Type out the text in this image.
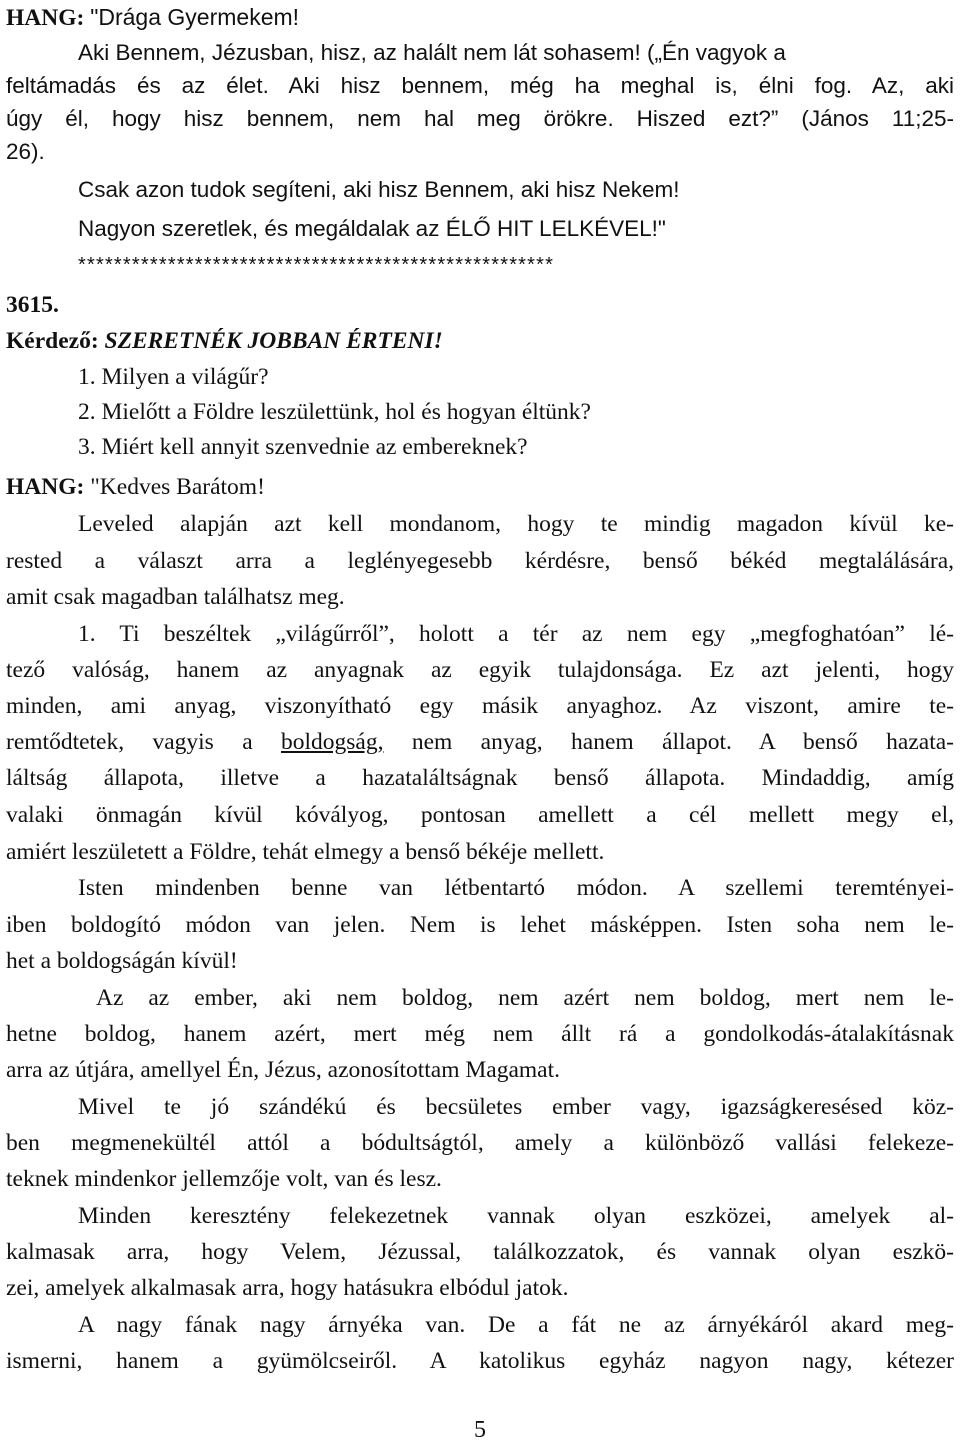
HANG: "Drága Gyermekem!
Aki Bennem, Jézusban, hisz, az halált nem lát sohasem! („Én vagyok a
feltámadás és az élet. Aki hisz bennem, még ha meghal is, élni fog. Az, aki
úgy él, hogy hisz bennem, nem hal meg örökre. Hiszed ezt?” (János 11;25-
26).
Csak azon tudok segíteni, aki hisz Bennem, aki hisz Nekem!
Nagyon szeretlek, és megáldalak az ÉLŐ HIT LELKÉVEL!"
*****************************************************
3615.
Kérdező: SZERETNÉK JOBBAN ÉRTENI!
1. Milyen a világűr?
2. Mielőtt a Földre leszülettünk, hol és hogyan éltünk?
3. Miért kell annyit szenvednie az embereknek?
HANG: "Kedves Barátom!
Leveled alapján azt kell mondanom, hogy te mindig magadon kívül ke-
rested a választ arra a leglényegesebb kérdésre, benső békéd megtalálására,
amit csak magadban találhatsz meg.
1. Ti beszéltek „világűrről”, holott a tér az nem egy „megfoghatóan” lé-
tező valóság, hanem az anyagnak az egyik tulajdonsága. Ez azt jelenti, hogy
minden, ami anyag, viszonyítható egy másik anyaghoz. Az viszont, amire te-
remtődtetek, vagyis a boldogság, nem anyag, hanem állapot. A benső hazata-
láltság állapota, illetve a hazataláltságnak benső állapota. Mindaddig, amíg
valaki önmagán kívül kóvályog, pontosan amellett a cél mellett megy el,
amiért leszületett a Földre, tehát elmegy a benső békéje mellett.
Isten mindenben benne van létbentartó módon. A szellemi teremtényei-
iben boldogító módon van jelen. Nem is lehet másképpen. Isten soha nem le-
het a boldogságán kívül!
Az az ember, aki nem boldog, nem azért nem boldog, mert nem le-
hetne boldog, hanem azért, mert még nem állt rá a gondolkodás-átalakításnak
arra az útjára, amellyel Én, Jézus, azonosítottam Magamat.
Mivel te jó szándékú és becsületes ember vagy, igazságkeresésed köz-
ben megmenekültél attól a bódultságtól, amely a különböző vallási felekeze-
teknek mindenkor jellemzője volt, van és lesz.
Minden keresztény felekezetnek vannak olyan eszközei, amelyek al-
kalmasak arra, hogy Velem, Jézussal, találkozzatok, és vannak olyan eszkö-
zei, amelyek alkalmasak arra, hogy hatásukra elbódul jatok.
A nagy fának nagy árnyéka van. De a fát ne az árnyékáról akard meg-
ismerni, hanem a gyümölcseiről. A katolikus egyház nagyon nagy, kétezer
5
